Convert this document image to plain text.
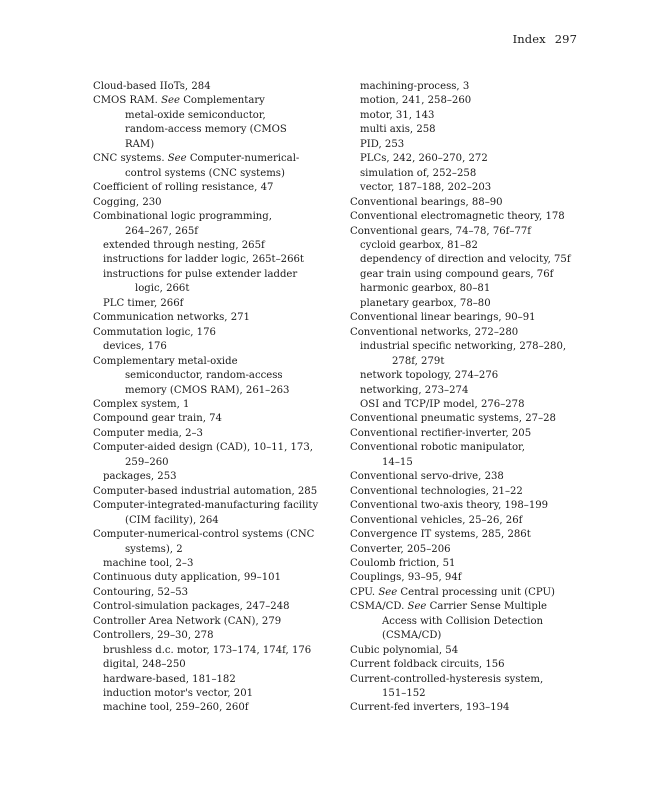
Index 297
Cloud-based IIoTs, 284
CMOS RAM. See Complementary
metal-oxide semiconductor,
random-access memory (CMOS
RAM)
CNC systems. See Computer-numerical-
control systems (CNC systems)
Coefficient of rolling resistance, 47
Cogging, 230
Combinational logic programming,
264–267, 265f
extended through nesting, 265f
instructions for ladder logic, 265t–266t
instructions for pulse extender ladder
logic, 266t
PLC timer, 266f
Communication networks, 271
Commutation logic, 176
devices, 176
Complementary metal-oxide
semiconductor, random-access
memory (CMOS RAM), 261–263
Complex system, 1
Compound gear train, 74
Computer media, 2–3
Computer-aided design (CAD), 10–11, 173,
259–260
packages, 253
Computer-based industrial automation, 285
Computer-integrated-manufacturing facility
(CIM facility), 264
Computer-numerical-control systems (CNC
systems), 2
machine tool, 2–3
Continuous duty application, 99–101
Contouring, 52–53
Control-simulation packages, 247–248
Controller Area Network (CAN), 279
Controllers, 29–30, 278
brushless d.c. motor, 173–174, 174f, 176
digital, 248–250
hardware-based, 181–182
induction motor's vector, 201
machine tool, 259–260, 260f
machining-process, 3
motion, 241, 258–260
motor, 31, 143
multi axis, 258
PID, 253
PLCs, 242, 260–270, 272
simulation of, 252–258
vector, 187–188, 202–203
Conventional bearings, 88–90
Conventional electromagnetic theory, 178
Conventional gears, 74–78, 76f–77f
cycloid gearbox, 81–82
dependency of direction and velocity, 75f
gear train using compound gears, 76f
harmonic gearbox, 80–81
planetary gearbox, 78–80
Conventional linear bearings, 90–91
Conventional networks, 272–280
industrial specific networking, 278–280,
278f, 279t
network topology, 274–276
networking, 273–274
OSI and TCP/IP model, 276–278
Conventional pneumatic systems, 27–28
Conventional rectifier-inverter, 205
Conventional robotic manipulator,
14–15
Conventional servo-drive, 238
Conventional technologies, 21–22
Conventional two-axis theory, 198–199
Conventional vehicles, 25–26, 26f
Convergence IT systems, 285, 286t
Converter, 205–206
Coulomb friction, 51
Couplings, 93–95, 94f
CPU. See Central processing unit (CPU)
CSMA/CD. See Carrier Sense Multiple
Access with Collision Detection
(CSMA/CD)
Cubic polynomial, 54
Current foldback circuits, 156
Current-controlled-hysteresis system,
151–152
Current-fed inverters, 193–194
